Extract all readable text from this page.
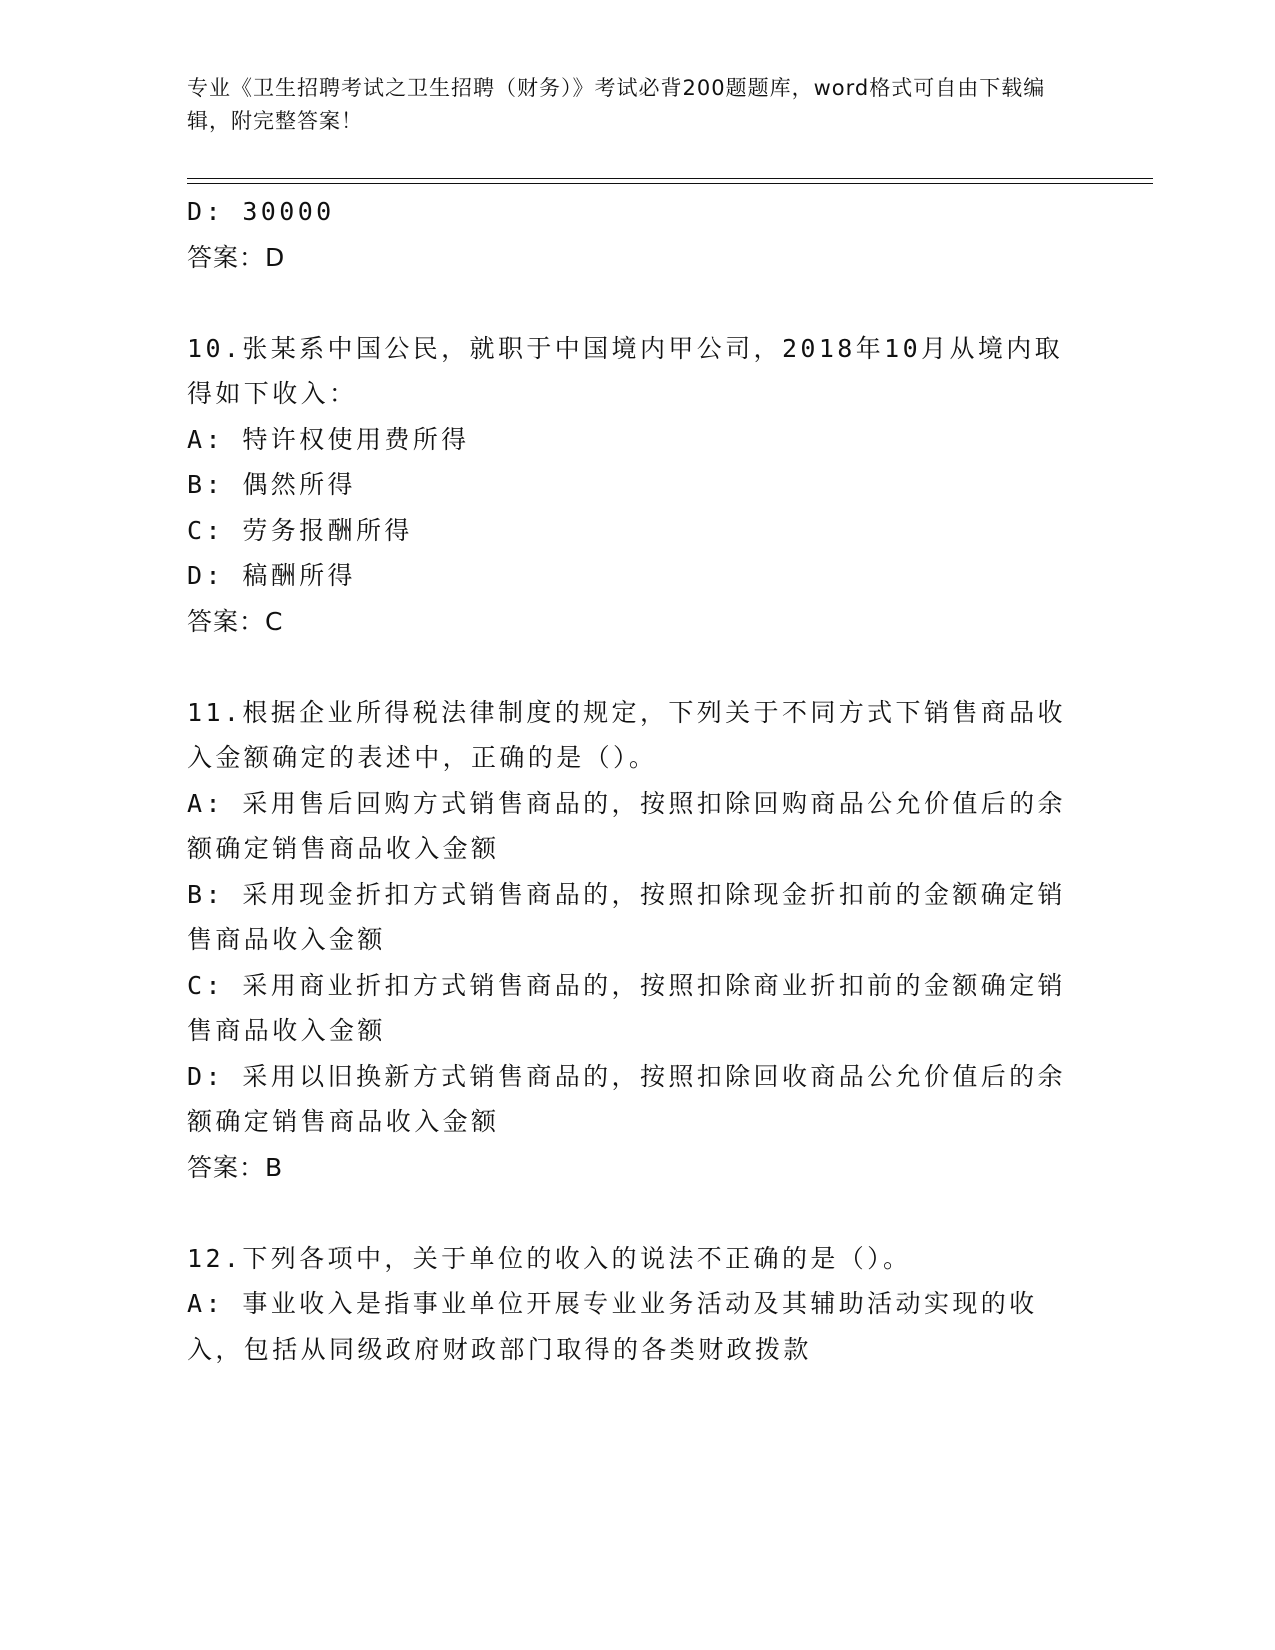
专业《卫生招聘考试之卫生招聘（财务）》考试必背200题题库，word格式可自由下载编辑，附完整答案！

D: 30000

答案：D

10.张某系中国公民，就职于中国境内甲公司，2018年10月从境内取得如下收入：

A: 特许权使用费所得

B: 偶然所得

C: 劳务报酬所得

D: 稿酬所得

答案：C

11.根据企业所得税法律制度的规定，下列关于不同方式下销售商品收入金额确定的表述中，正确的是（）。

A: 采用售后回购方式销售商品的，按照扣除回购商品公允价值后的余额确定销售商品收入金额

B: 采用现金折扣方式销售商品的，按照扣除现金折扣前的金额确定销售商品收入金额

C: 采用商业折扣方式销售商品的，按照扣除商业折扣前的金额确定销售商品收入金额

D: 采用以旧换新方式销售商品的，按照扣除回收商品公允价值后的余额确定销售商品收入金额

答案：B

12.下列各项中，关于单位的收入的说法不正确的是（）。

A: 事业收入是指事业单位开展专业业务活动及其辅助活动实现的收入，包括从同级政府财政部门取得的各类财政拨款
